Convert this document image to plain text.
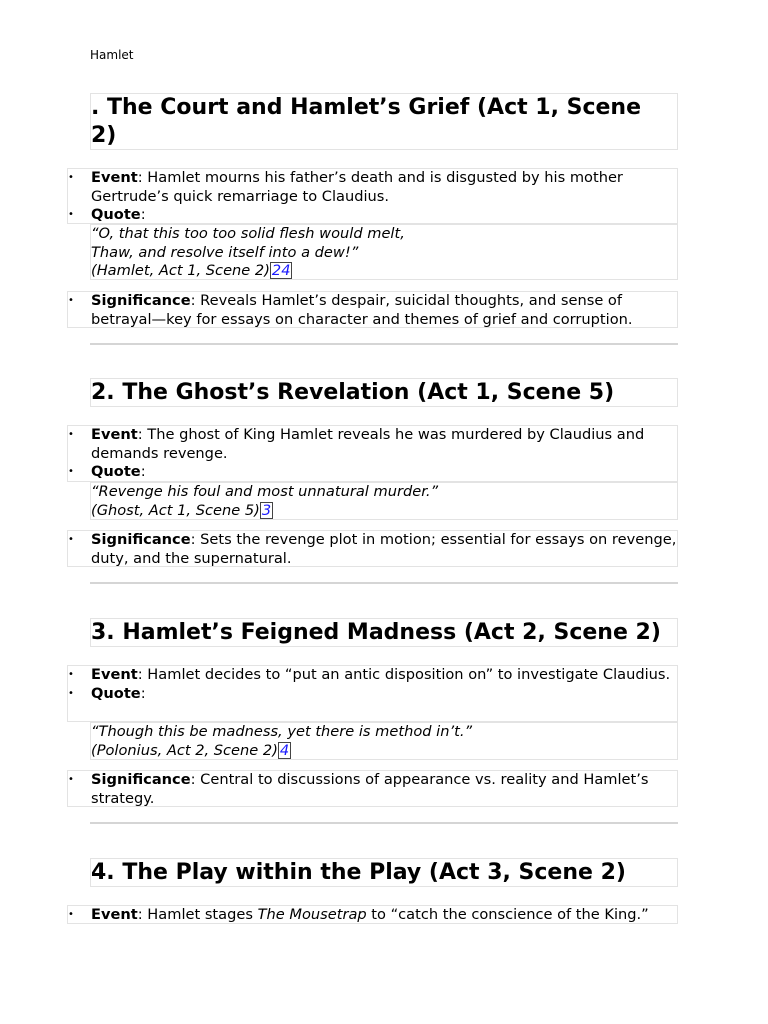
Hamlet
. The Court and Hamlet’s Grief (Act 1, Scene
2)
• Event: Hamlet mourns his father’s death and is disgusted by his mother Gertrude’s quick remarriage to Claudius.
• Quote:
“O, that this too too solid flesh would melt,
Thaw, and resolve itself into a dew!”
(Hamlet, Act 1, Scene 2) 24
• Significance: Reveals Hamlet’s despair, suicidal thoughts, and sense of betrayal—key for essays on character and themes of grief and corruption.
2. The Ghost’s Revelation (Act 1, Scene 5)
• Event: The ghost of King Hamlet reveals he was murdered by Claudius and demands revenge.
• Quote:
“Revenge his foul and most unnatural murder.”
(Ghost, Act 1, Scene 5) 3
• Significance: Sets the revenge plot in motion; essential for essays on revenge, duty, and the supernatural.
3. Hamlet’s Feigned Madness (Act 2, Scene 2)
• Event: Hamlet decides to “put an antic disposition on” to investigate Claudius.
• Quote:
“Though this be madness, yet there is method in’t.”
(Polonius, Act 2, Scene 2) 4
• Significance: Central to discussions of appearance vs. reality and Hamlet’s strategy.
4. The Play within the Play (Act 3, Scene 2)
• Event: Hamlet stages The Mousetrap to “catch the conscience of the King.”
